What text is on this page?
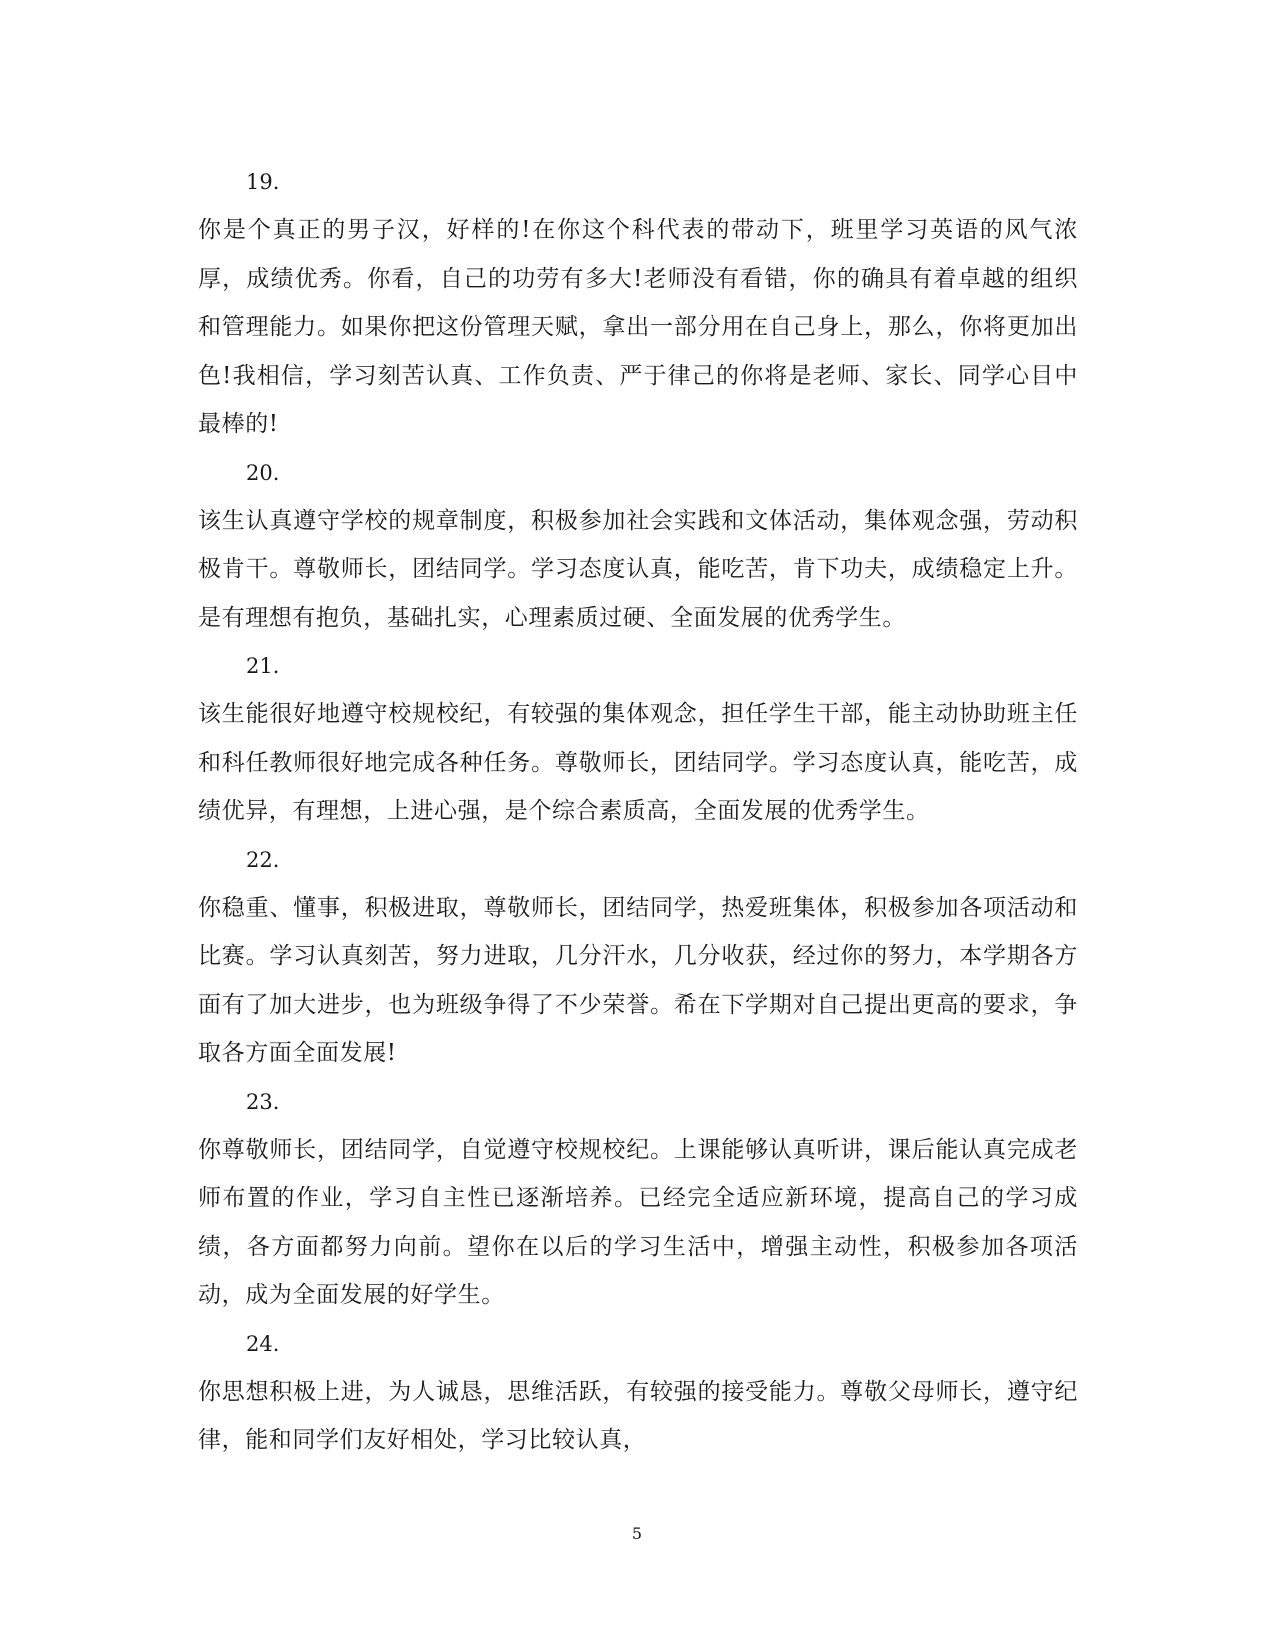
19.

你是个真正的男子汉，好样的!在你这个科代表的带动下，班里学习英语的风气浓厚，成绩优秀。你看，自己的功劳有多大!老师没有看错，你的确具有着卓越的组织和管理能力。如果你把这份管理天赋，拿出一部分用在自己身上，那么，你将更加出色!我相信，学习刻苦认真、工作负责、严于律己的你将是老师、家长、同学心目中最棒的!

20.

该生认真遵守学校的规章制度，积极参加社会实践和文体活动，集体观念强，劳动积极肯干。尊敬师长，团结同学。学习态度认真，能吃苦，肯下功夫，成绩稳定上升。是有理想有抱负，基础扎实，心理素质过硬、全面发展的优秀学生。

21.

该生能很好地遵守校规校纪，有较强的集体观念，担任学生干部，能主动协助班主任和科任教师很好地完成各种任务。尊敬师长，团结同学。学习态度认真，能吃苦，成绩优异，有理想，上进心强，是个综合素质高，全面发展的优秀学生。

22.

你稳重、懂事，积极进取，尊敬师长，团结同学，热爱班集体，积极参加各项活动和比赛。学习认真刻苦，努力进取，几分汗水，几分收获，经过你的努力，本学期各方面有了加大进步，也为班级争得了不少荣誉。希在下学期对自己提出更高的要求，争取各方面全面发展!

23.

你尊敬师长，团结同学，自觉遵守校规校纪。上课能够认真听讲，课后能认真完成老师布置的作业，学习自主性已逐渐培养。已经完全适应新环境，提高自己的学习成绩，各方面都努力向前。望你在以后的学习生活中，增强主动性，积极参加各项活动，成为全面发展的好学生。

24.

你思想积极上进，为人诚恳，思维活跃，有较强的接受能力。尊敬父母师长，遵守纪律，能和同学们友好相处，学习比较认真，

5
